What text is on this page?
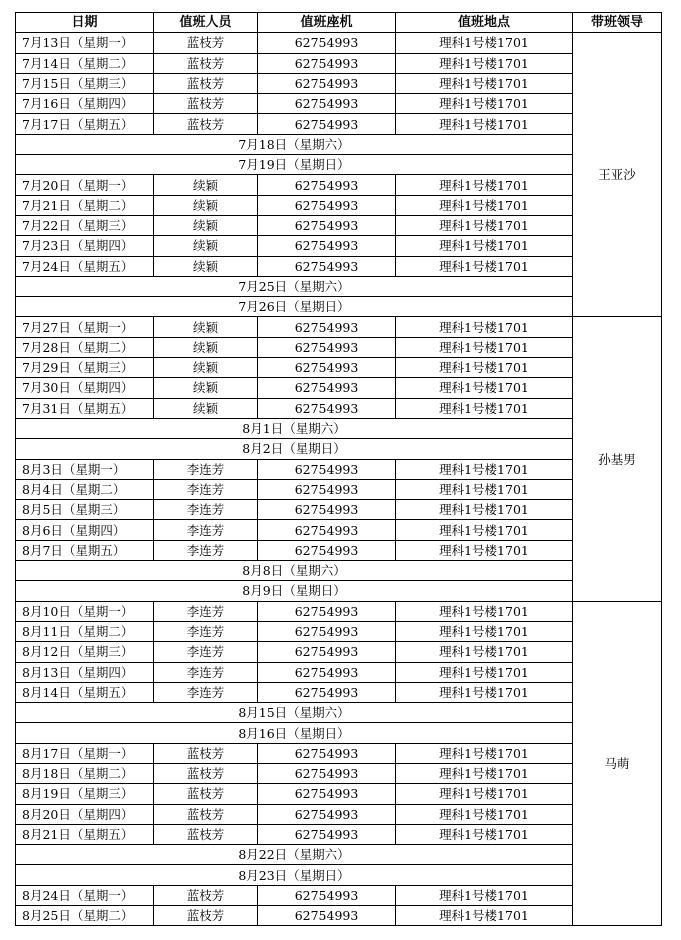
日期	值班人员	值班座机	值班地点	带班领导
7月13日（星期一）	蓝枝芳	62754993	理科1号楼1701	王亚沙
7月14日（星期二）	蓝枝芳	62754993	理科1号楼1701	
7月15日（星期三）	蓝枝芳	62754993	理科1号楼1701	
7月16日（星期四）	蓝枝芳	62754993	理科1号楼1701	
7月17日（星期五）	蓝枝芳	62754993	理科1号楼1701	
7月18日（星期六）				
7月19日（星期日）				
7月20日（星期一）	续颖	62754993	理科1号楼1701	
7月21日（星期二）	续颖	62754993	理科1号楼1701	
7月22日（星期三）	续颖	62754993	理科1号楼1701	
7月23日（星期四）	续颖	62754993	理科1号楼1701	
7月24日（星期五）	续颖	62754993	理科1号楼1701	
7月25日（星期六）				
7月26日（星期日）				
7月27日（星期一）	续颖	62754993	理科1号楼1701	孙基男
7月28日（星期二）	续颖	62754993	理科1号楼1701	
7月29日（星期三）	续颖	62754993	理科1号楼1701	
7月30日（星期四）	续颖	62754993	理科1号楼1701	
7月31日（星期五）	续颖	62754993	理科1号楼1701	
8月1日（星期六）				
8月2日（星期日）				
8月3日（星期一）	李连芳	62754993	理科1号楼1701	
8月4日（星期二）	李连芳	62754993	理科1号楼1701	
8月5日（星期三）	李连芳	62754993	理科1号楼1701	
8月6日（星期四）	李连芳	62754993	理科1号楼1701	
8月7日（星期五）	李连芳	62754993	理科1号楼1701	
8月8日（星期六）				
8月9日（星期日）				
8月10日（星期一）	李连芳	62754993	理科1号楼1701	马萌
8月11日（星期二）	李连芳	62754993	理科1号楼1701	
8月12日（星期三）	李连芳	62754993	理科1号楼1701	
8月13日（星期四）	李连芳	62754993	理科1号楼1701	
8月14日（星期五）	李连芳	62754993	理科1号楼1701	
8月15日（星期六）				
8月16日（星期日）				
8月17日（星期一）	蓝枝芳	62754993	理科1号楼1701	
8月18日（星期二）	蓝枝芳	62754993	理科1号楼1701	
8月19日（星期三）	蓝枝芳	62754993	理科1号楼1701	
8月20日（星期四）	蓝枝芳	62754993	理科1号楼1701	
8月21日（星期五）	蓝枝芳	62754993	理科1号楼1701	
8月22日（星期六）				
8月23日（星期日）				
8月24日（星期一）	蓝枝芳	62754993	理科1号楼1701	
8月25日（星期二）	蓝枝芳	62754993	理科1号楼1701	
